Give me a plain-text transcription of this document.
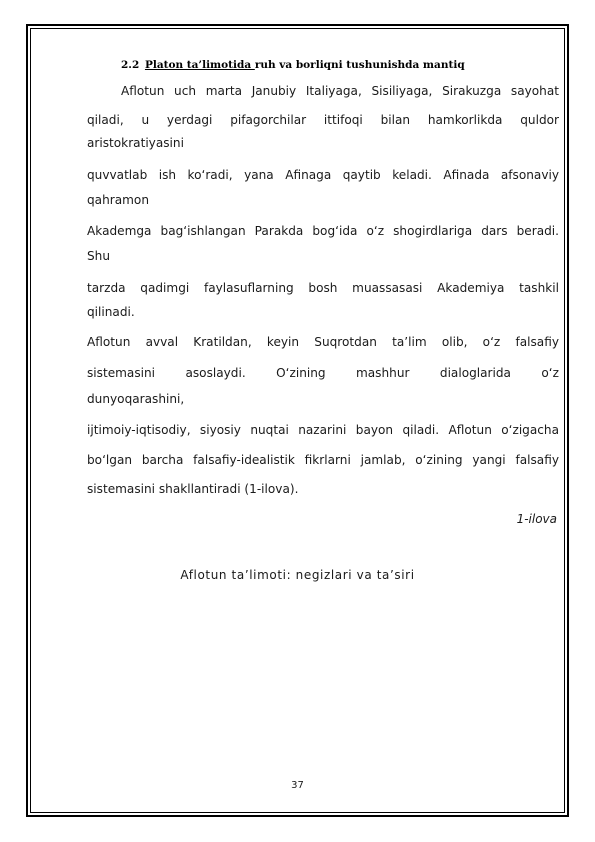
2.2 Platon ta’limotida ruh va borliqni tushunishda mantiq
Aflotun uch marta Janubiy Italiyaga, Sisiliyaga, Sirakuzga sayohat
qiladi, u yerdagi pifagorchilar ittifoqi bilan hamkorlikda quldor
aristokratiyasini
quvvatlab ish ko‘radi, yana Afinaga qaytib keladi. Afinada afsonaviy
qahramon
Akademga bag‘ishlangan Parakda bog‘ida o‘z shogirdlariga dars beradi.
Shu
tarzda qadimgi faylasuflarning bosh muassasasi Akademiya tashkil
qilinadi.
Aflotun avval Kratildan, keyin Suqrotdan ta’lim olib, o‘z falsafiy
sistemasini asoslaydi. O‘zining mashhur dialoglarida o‘z
dunyoqarashini,
ijtimoiy-iqtisodiy, siyosiy nuqtai nazarini bayon qiladi. Aflotun o‘zigacha
bo‘lgan barcha falsafiy-idealistik fikrlarni jamlab, o‘zining yangi falsafiy
sistemasini shakllantiradi (1-ilova).
1-ilova
Aflotun ta’limoti: negizlari va ta’siri
37
